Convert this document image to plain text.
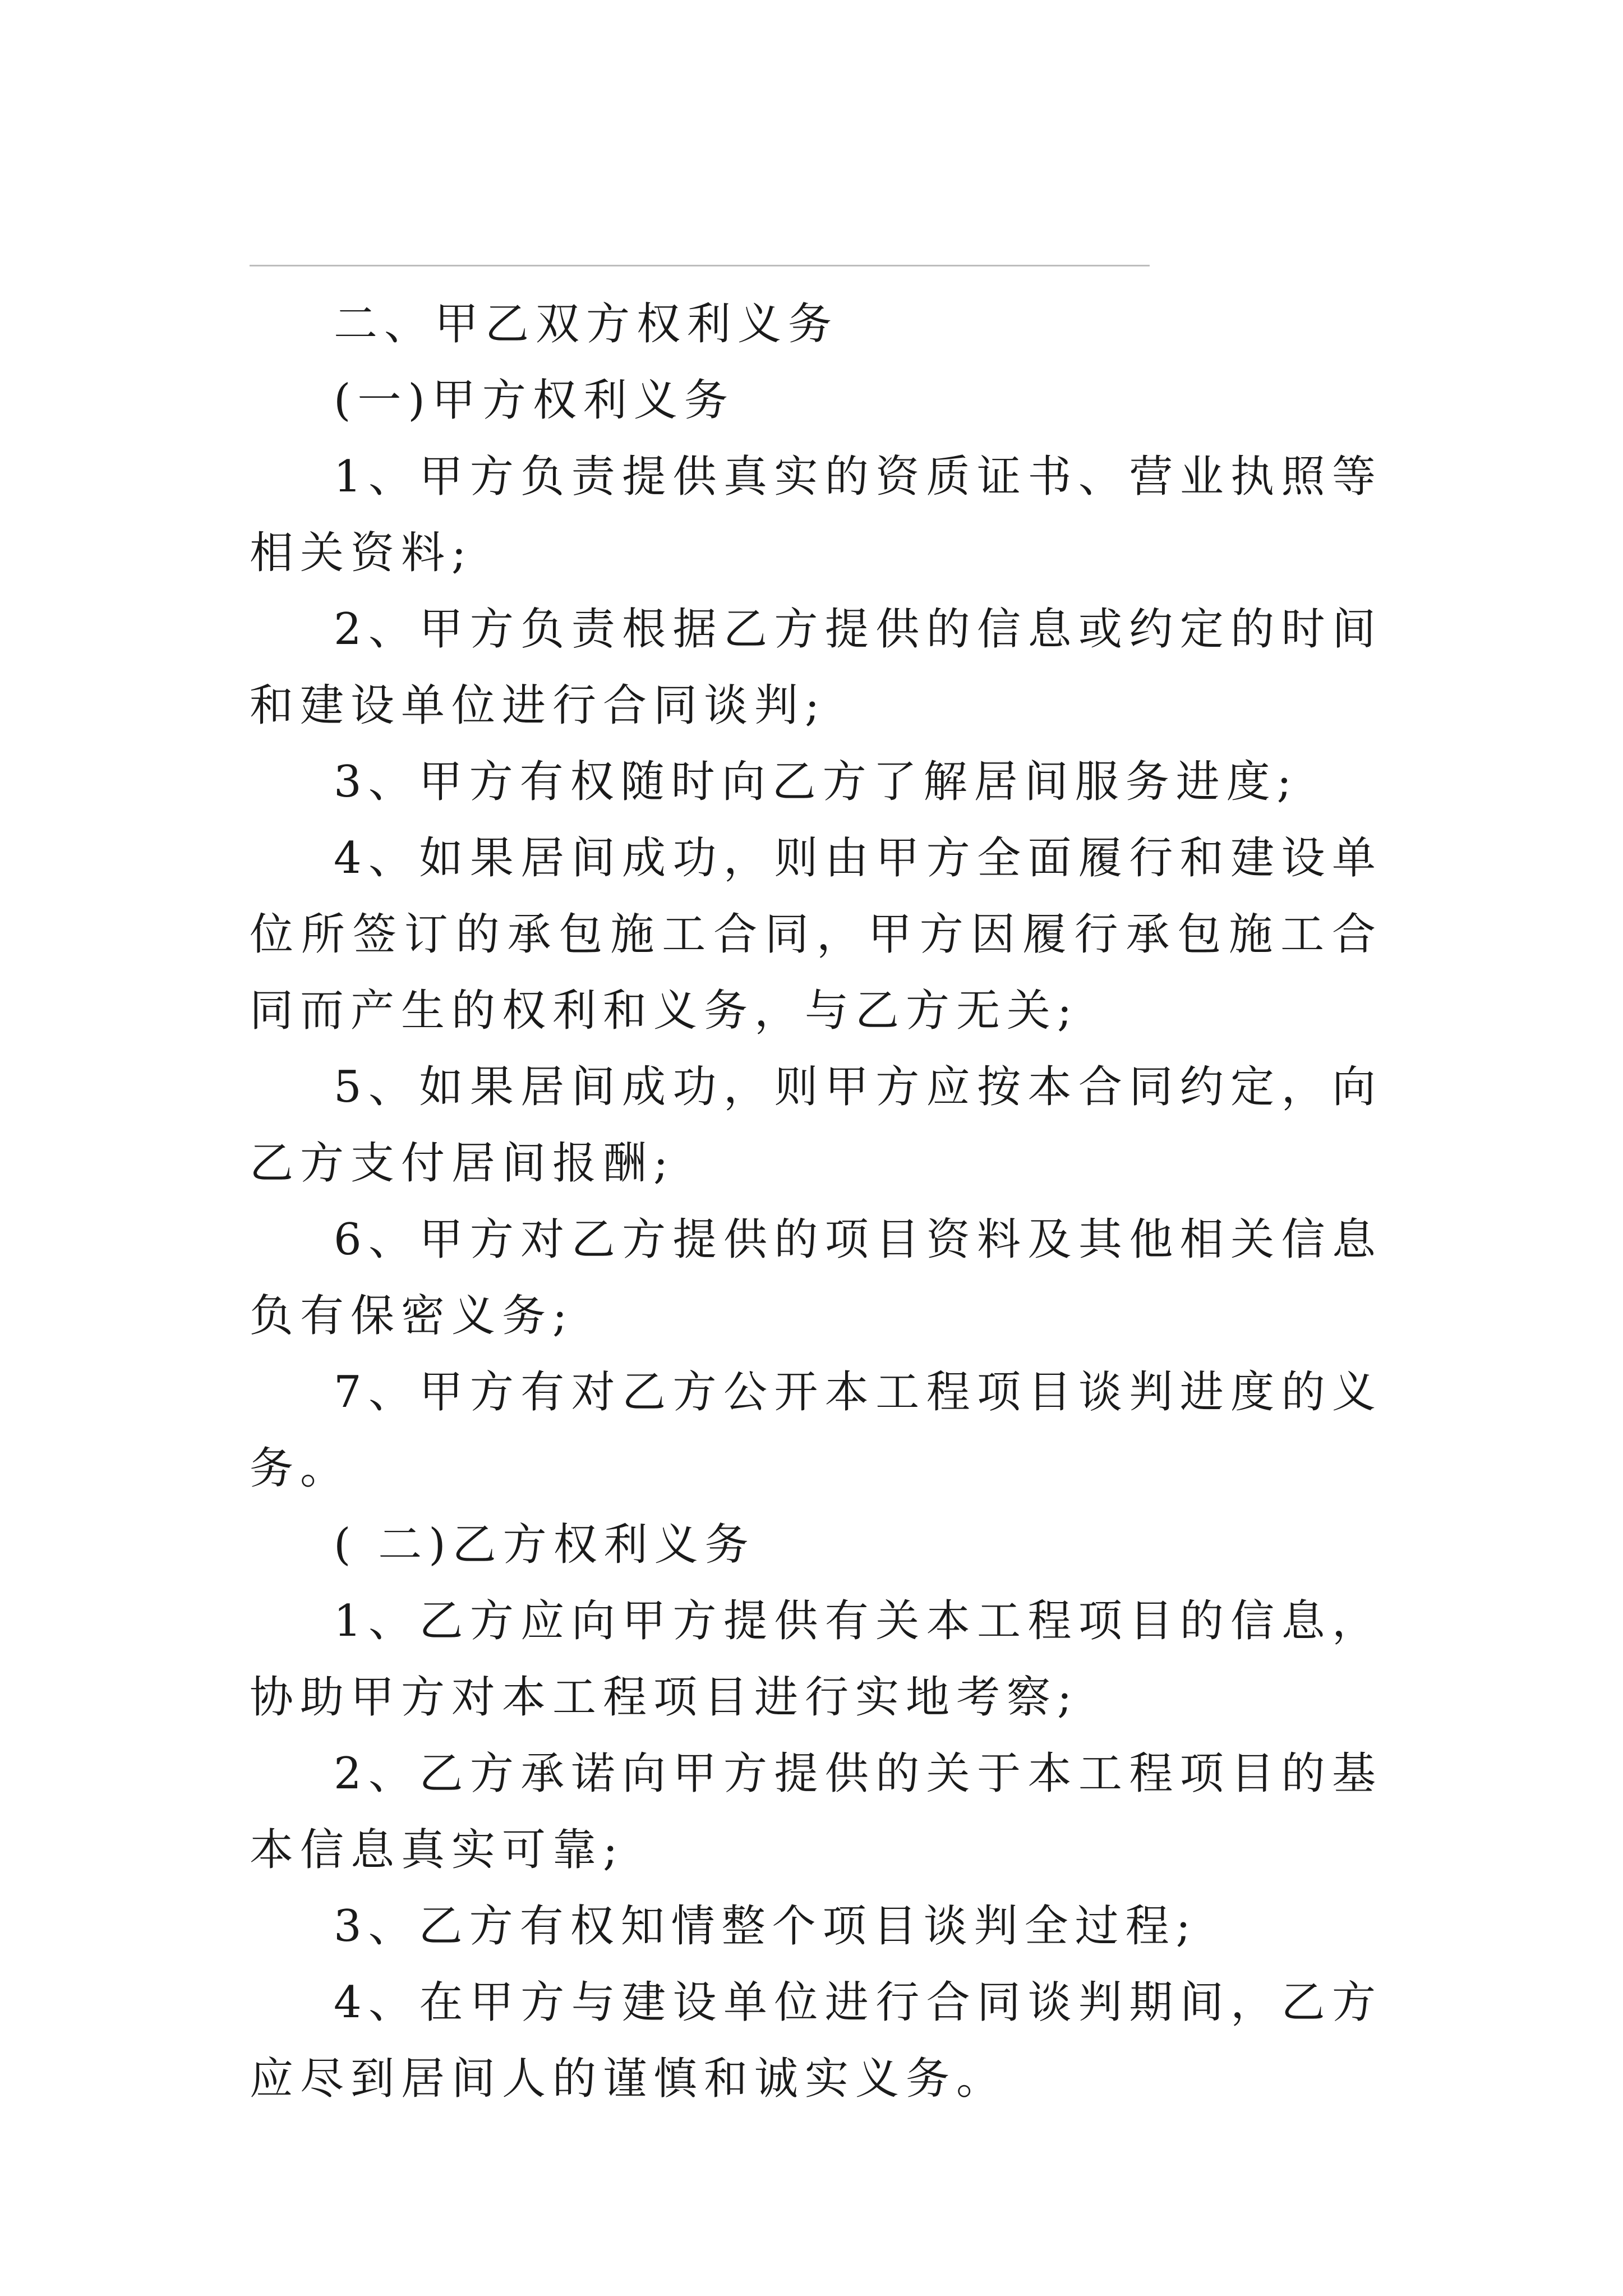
二、甲乙双方权利义务

(一)甲方权利义务

1、甲方负责提供真实的资质证书、营业执照等相关资料;

2、甲方负责根据乙方提供的信息或约定的时间和建设单位进行合同谈判;

3、甲方有权随时向乙方了解居间服务进度;

4、如果居间成功，则由甲方全面履行和建设单位所签订的承包施工合同，甲方因履行承包施工合同而产生的权利和义务，与乙方无关;

5、如果居间成功，则甲方应按本合同约定，向乙方支付居间报酬;

6、甲方对乙方提供的项目资料及其他相关信息负有保密义务;

7、甲方有对乙方公开本工程项目谈判进度的义务。

( 二)乙方权利义务

1、乙方应向甲方提供有关本工程项目的信息，协助甲方对本工程项目进行实地考察;

2、乙方承诺向甲方提供的关于本工程项目的基本信息真实可靠;

3、乙方有权知情整个项目谈判全过程;

4、在甲方与建设单位进行合同谈判期间，乙方应尽到居间人的谨慎和诚实义务。
